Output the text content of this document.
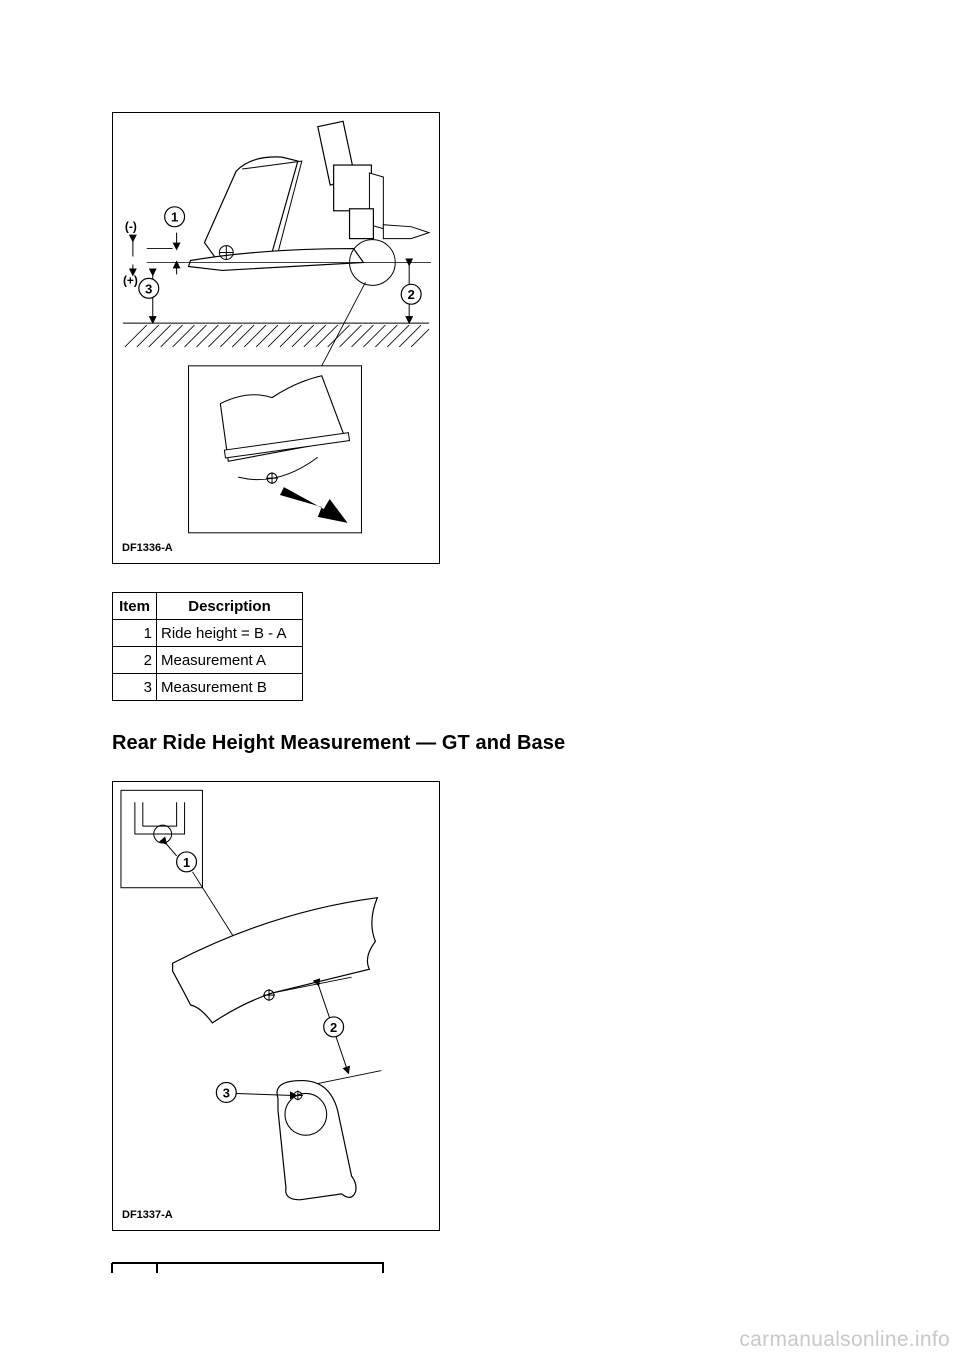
1
3	2
(-)
(+)
DF1336-A
Item	Description
1	Ride height = B - A
2	Measurement A
3	Measurement B
Rear Ride Height Measurement — GT and Base
1
2
3
DF1337-A
carmanualsonline.info
